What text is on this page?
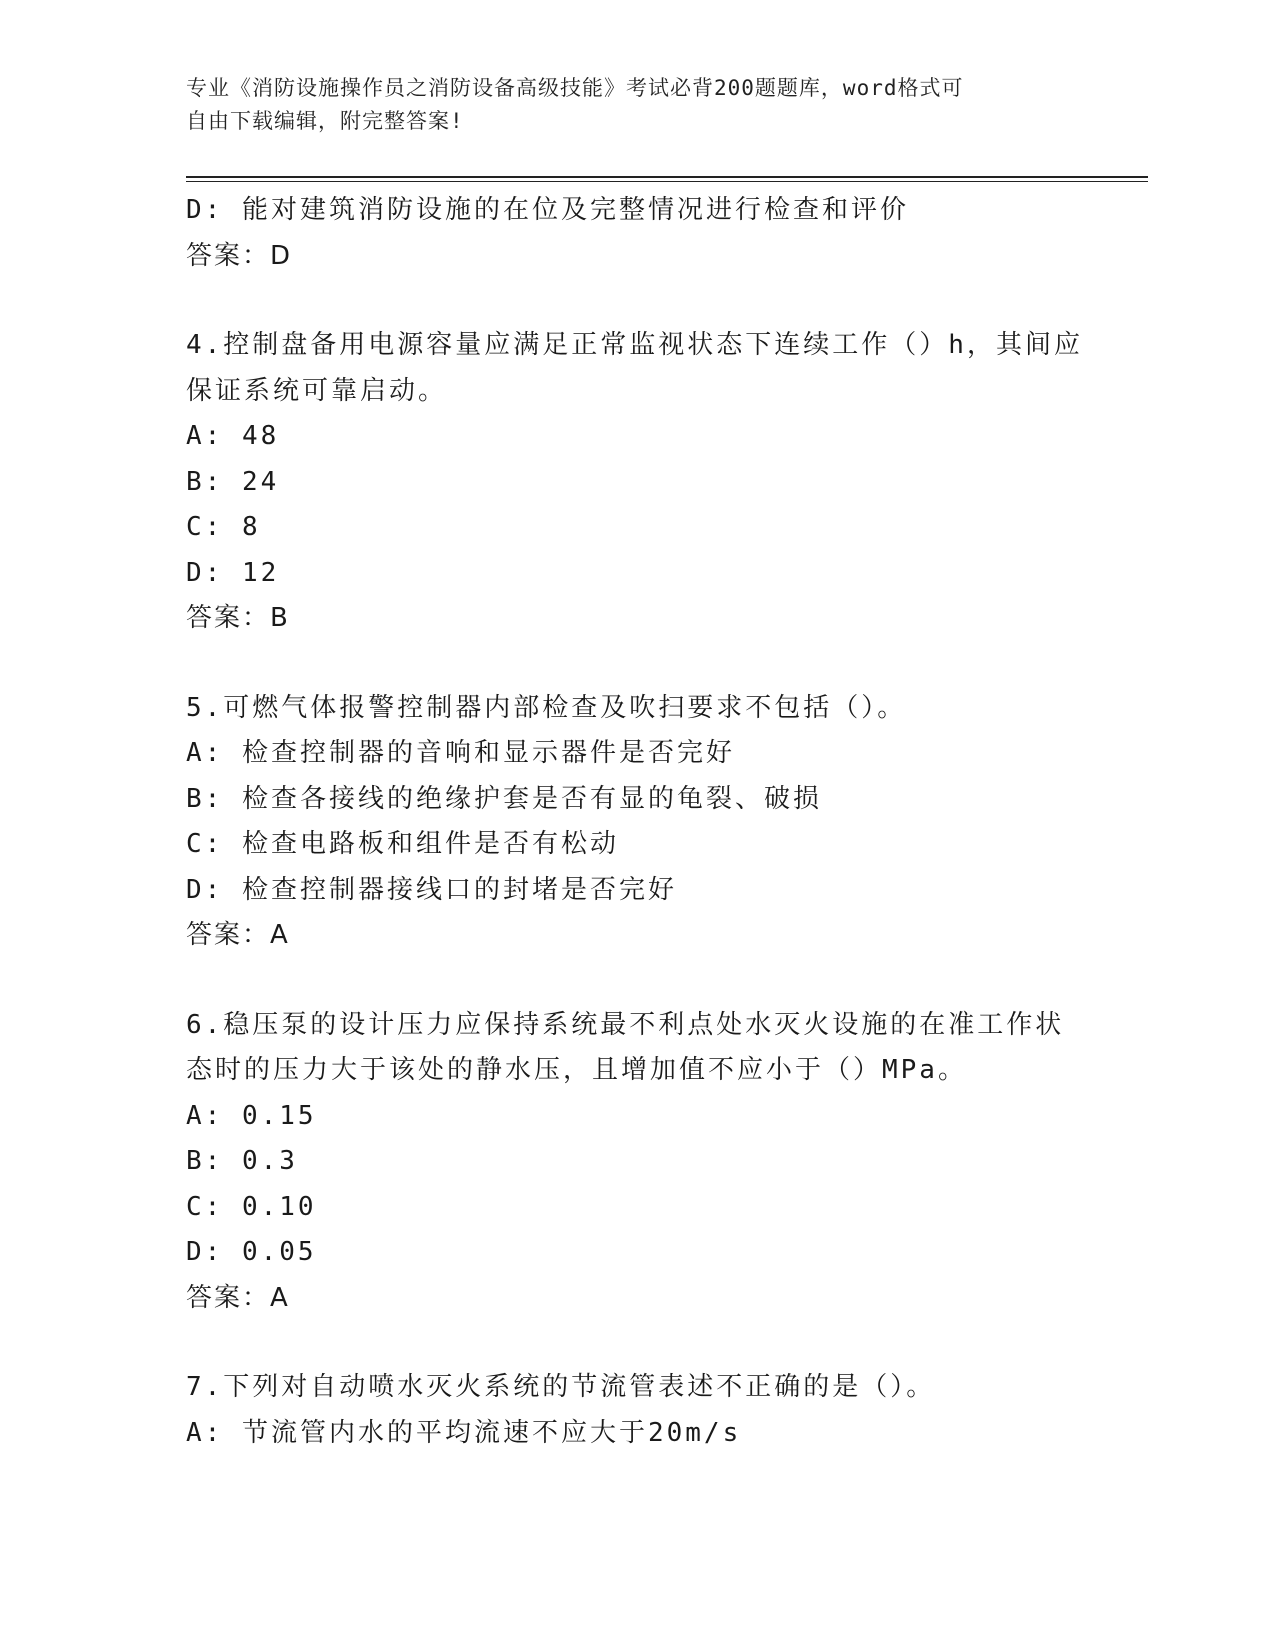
专业《消防设施操作员之消防设备高级技能》考试必背200题题库，word格式可
自由下载编辑，附完整答案!
D: 能对建筑消防设施的在位及完整情况进行检查和评价
答案：D
4.控制盘备用电源容量应满足正常监视状态下连续工作（）h，其间应
保证系统可靠启动。
A: 48
B: 24
C: 8
D: 12
答案：B
5.可燃气体报警控制器内部检查及吹扫要求不包括（）。
A: 检查控制器的音响和显示器件是否完好
B: 检查各接线的绝缘护套是否有显的龟裂、破损
C: 检查电路板和组件是否有松动
D: 检查控制器接线口的封堵是否完好
答案：A
6.稳压泵的设计压力应保持系统最不利点处水灭火设施的在准工作状
态时的压力大于该处的静水压，且增加值不应小于（）MPa。
A: 0.15
B: 0.3
C: 0.10
D: 0.05
答案：A
7.下列对自动喷水灭火系统的节流管表述不正确的是（）。
A: 节流管内水的平均流速不应大于20m/s
